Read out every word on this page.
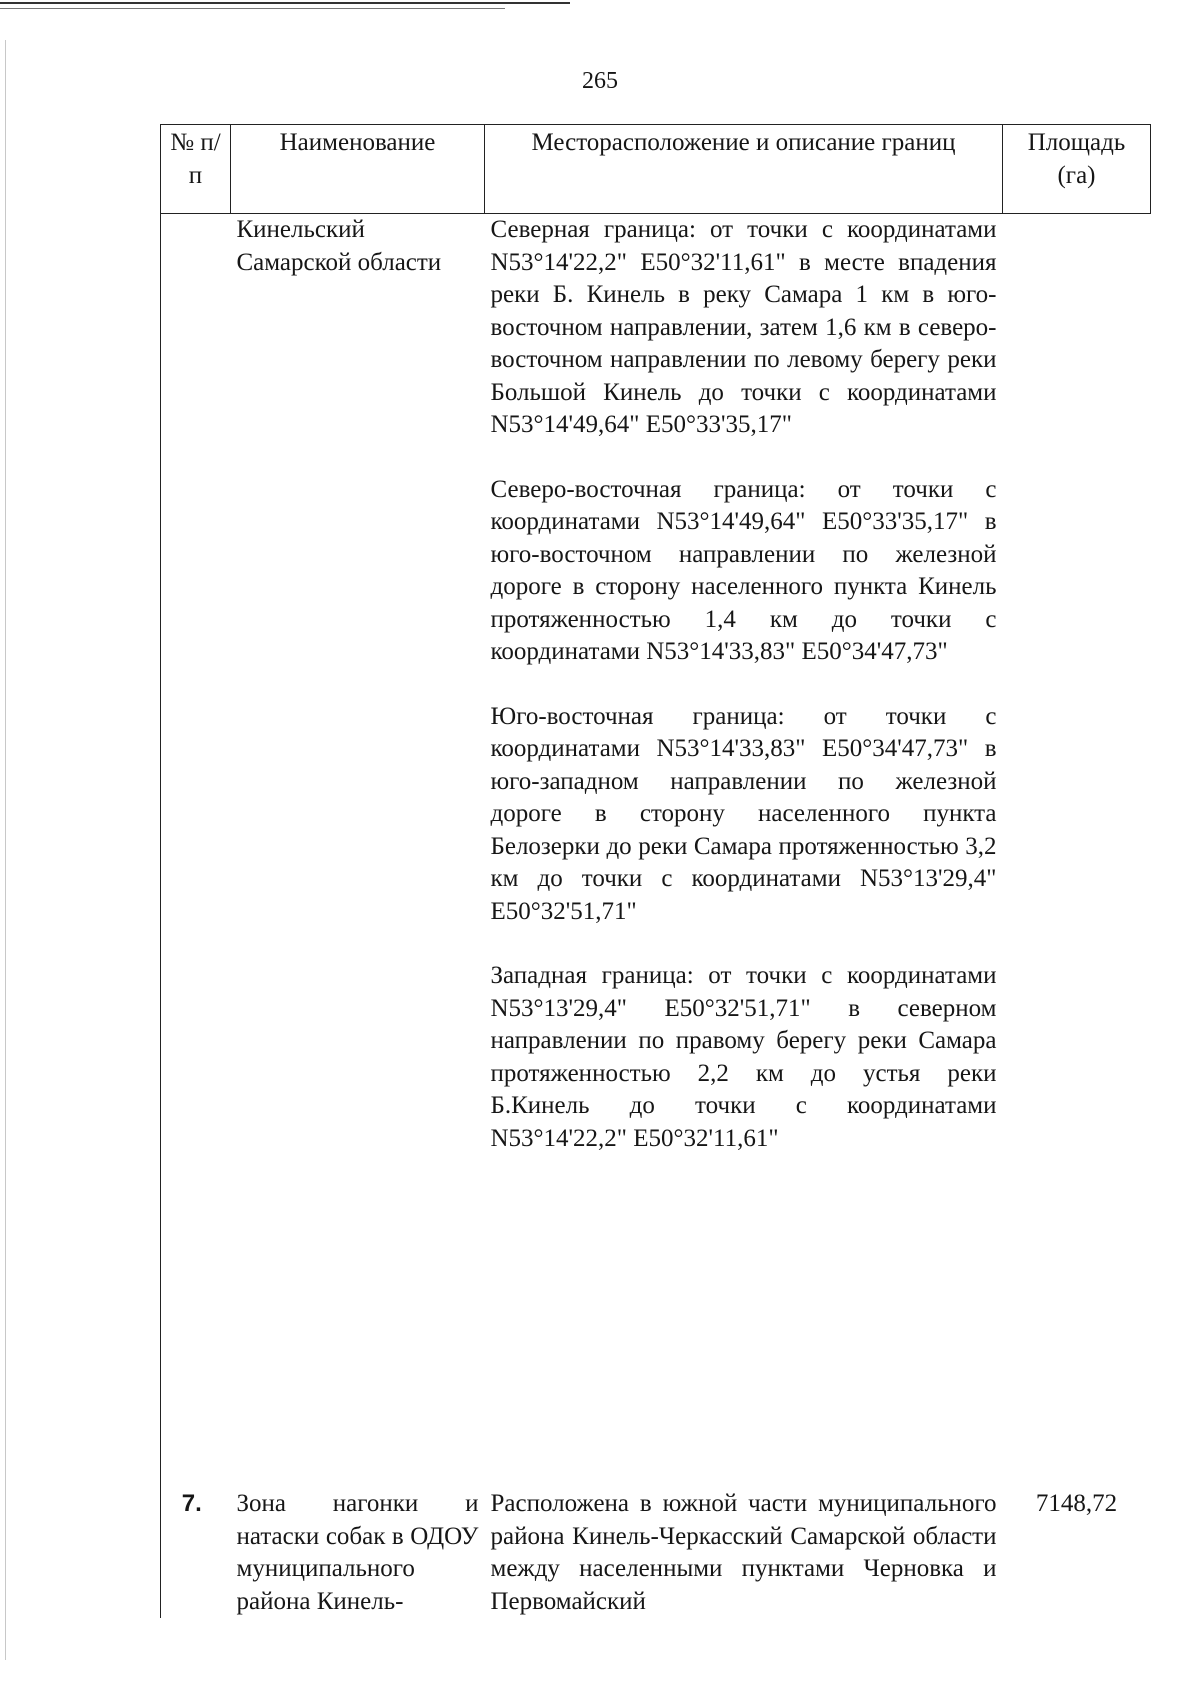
265
№ п/п	Наименование	Месторасположение и описание границ	Площадь (га)

	Кинельский Самарской области	Северная граница: от точки с координатами N53°14'22,2" E50°32'11,61" в месте впадения реки Б. Кинель в реку Самара 1 км в юго-восточном направлении, затем 1,6 км в северо-восточном направлении по левому берегу реки Большой Кинель до точки с координатами N53°14'49,64" E50°33'35,17"

Северо-восточная граница: от точки с координатами N53°14'49,64" E50°33'35,17" в юго-восточном направлении по железной дороге в сторону населенного пункта Кинель протяженностью 1,4 км до точки с координатами N53°14'33,83" E50°34'47,73"

Юго-восточная граница: от точки с координатами N53°14'33,83" E50°34'47,73" в юго-западном направлении по железной дороге в сторону населенного пункта Белозерки до реки Самара протяженностью 3,2 км до точки с координатами N53°13'29,4" E50°32'51,71"

Западная граница: от точки с координатами N53°13'29,4" E50°32'51,71" в северном направлении по правому берегу реки Самара протяженностью 2,2 км до устья реки Б.Кинель до точки с координатами N53°14'22,2" E50°32'11,61"	

7.	Зона нагонки и натаски собак в ОДОУ муниципального района Кинель-	Расположена в южной части муниципального района Кинель-Черкасский Самарской области между населенными пунктами Черновка и Первомайский	7148,72
